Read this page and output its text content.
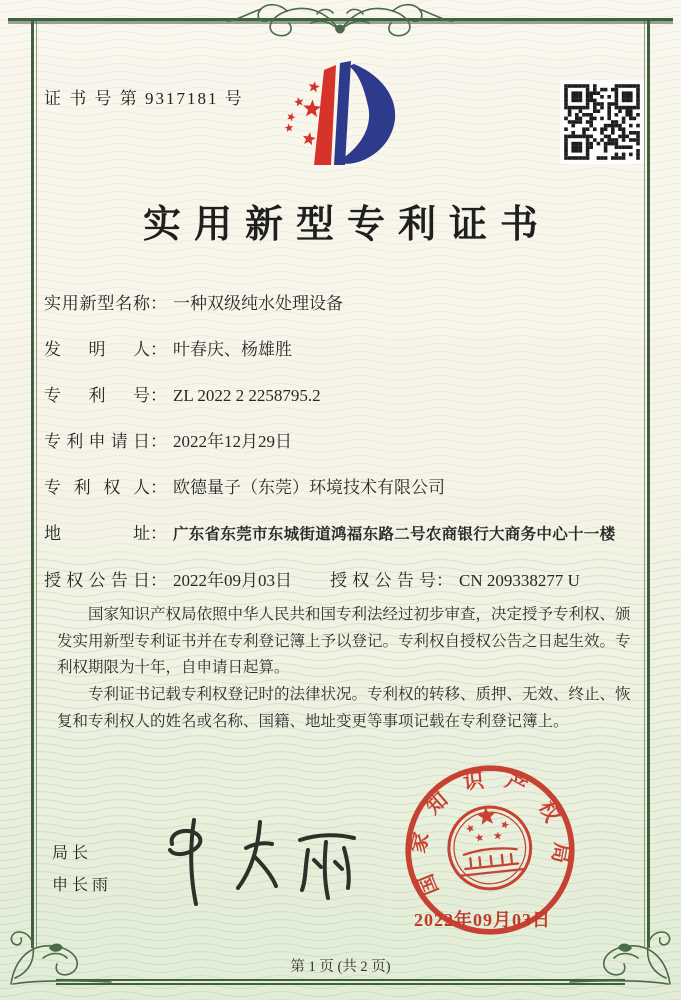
证 书 号 第 9317181 号
实用新型专利证书
实用新型名称 ： 一种双级纯水处理设备
发明人 ： 叶春庆、杨雄胜
专利号 ： ZL 2022 2 2258795.2
专利申请日 ： 2022年12月29日
专利权人 ： 欧德量子（东莞）环境技术有限公司
地址 ： 广东省东莞市东城街道鸿福东路二号农商银行大商务中心十一楼
授权公告日 ： 2022年09月03日 授权公告号 ： CN 209338277 U

国家知识产权局依照中华人民共和国专利法经过初步审查，决定授予专利权、颁发实用新型专利证书并在专利登记簿上予以登记。专利权自授权公告之日起生效。专利权期限为十年，自申请日起算。

专利证书记载专利权登记时的法律状况。专利权的转移、质押、无效、终止、恢复和专利权人的姓名或名称、国籍、地址变更等事项记载在专利登记簿上。

局长
申长雨	国家知识产权局
2022年09月03日
第 1 页 (共 2 页)
